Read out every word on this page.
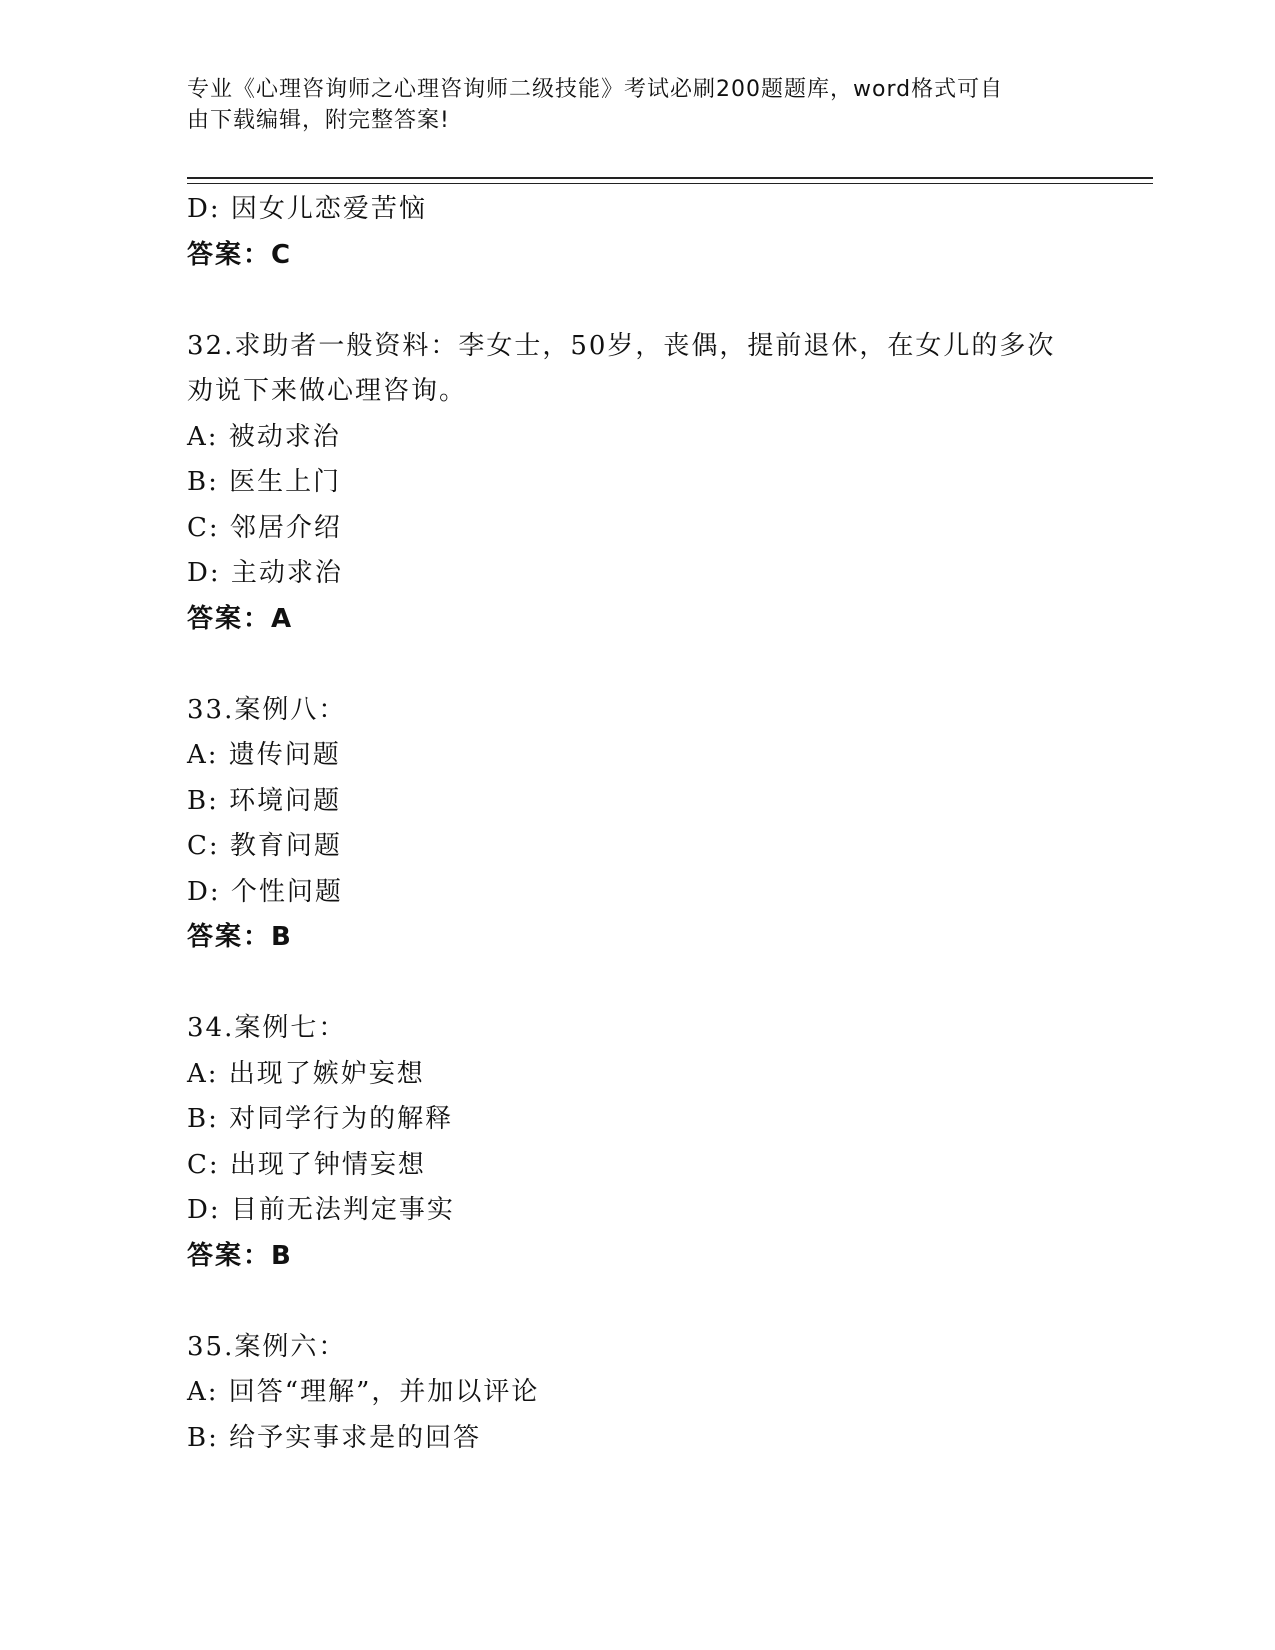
专业《心理咨询师之心理咨询师二级技能》考试必刷200题题库，word格式可自
由下载编辑，附完整答案!
D: 因女儿恋爱苦恼
答案：C
32.求助者一般资料：李女士，50岁，丧偶，提前退休，在女儿的多次
劝说下来做心理咨询。
A: 被动求治
B: 医生上门
C: 邻居介绍
D: 主动求治
答案：A
33.案例八：
A: 遗传问题
B: 环境问题
C: 教育问题
D: 个性问题
答案：B
34.案例七：
A: 出现了嫉妒妄想
B: 对同学行为的解释
C: 出现了钟情妄想
D: 目前无法判定事实
答案：B
35.案例六：
A: 回答“理解”，并加以评论
B: 给予实事求是的回答
